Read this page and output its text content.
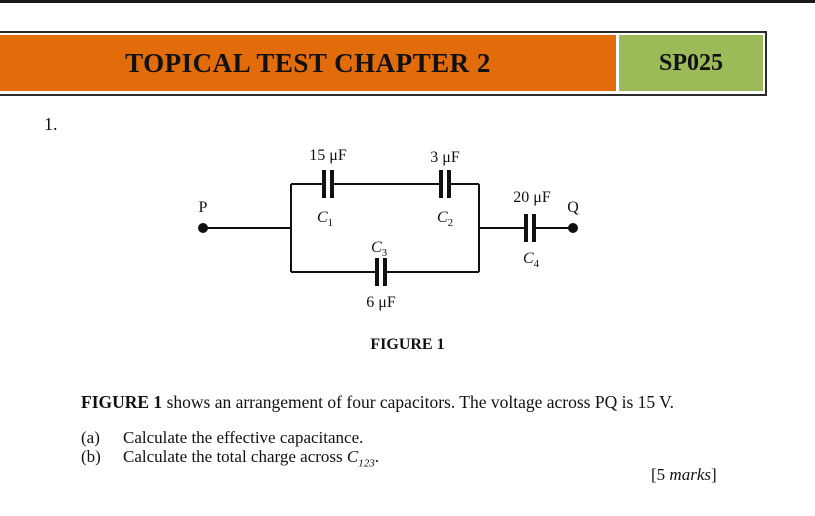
TOPICAL TEST CHAPTER 2	SP025
1.
P	Q
15 μF	3 μF
6 μF
20 μF
$C_1$	$C_2$
$C_3$	$C_4$
FIGURE 1
FIGURE 1 shows an arrangement of four capacitors. The voltage across PQ is 15 V.
(a) Calculate the effective capacitance.
(b) Calculate the total charge across $C_{123}$.
[5 marks]
